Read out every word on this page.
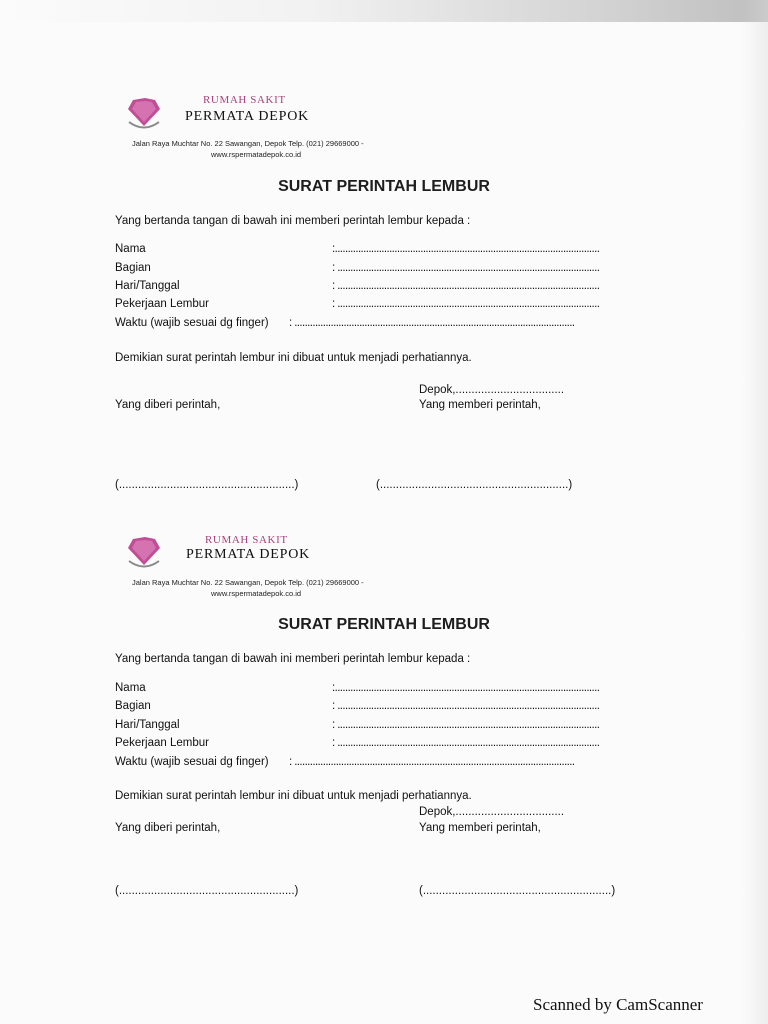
RUMAH SAKIT
PERMATA DEPOK
Jalan Raya Muchtar No. 22 Sawangan, Depok Telp. (021) 29669000 -
www.rspermatadepok.co.id
SURAT PERINTAH LEMBUR
Yang bertanda tangan di bawah ini memberi perintah lembur kepada :
Nama	:......................................................................................................
Bagian	: .....................................................................................................
Hari/Tanggal	: .....................................................................................................
Pekerjaan Lembur	: .....................................................................................................
Waktu (wajib sesuai dg finger) : ............................................................................................................
Demikian surat perintah lembur ini dibuat untuk menjadi perhatiannya.
Depok,..................................
Yang diberi perintah,	Yang memberi perintah,
(.......................................................)	(...........................................................)
RUMAH SAKIT
PERMATA DEPOK
Jalan Raya Muchtar No. 22 Sawangan, Depok Telp. (021) 29669000 -
www.rspermatadepok.co.id
SURAT PERINTAH LEMBUR
Yang bertanda tangan di bawah ini memberi perintah lembur kepada :
Nama	:......................................................................................................
Bagian	: .....................................................................................................
Hari/Tanggal	: .....................................................................................................
Pekerjaan Lembur	: .....................................................................................................
Waktu (wajib sesuai dg finger) : ............................................................................................................
Demikian surat perintah lembur ini dibuat untuk menjadi perhatiannya.
Depok,..................................
Yang diberi perintah,	Yang memberi perintah,
(.......................................................)	(...........................................................)
Scanned by CamScanner
